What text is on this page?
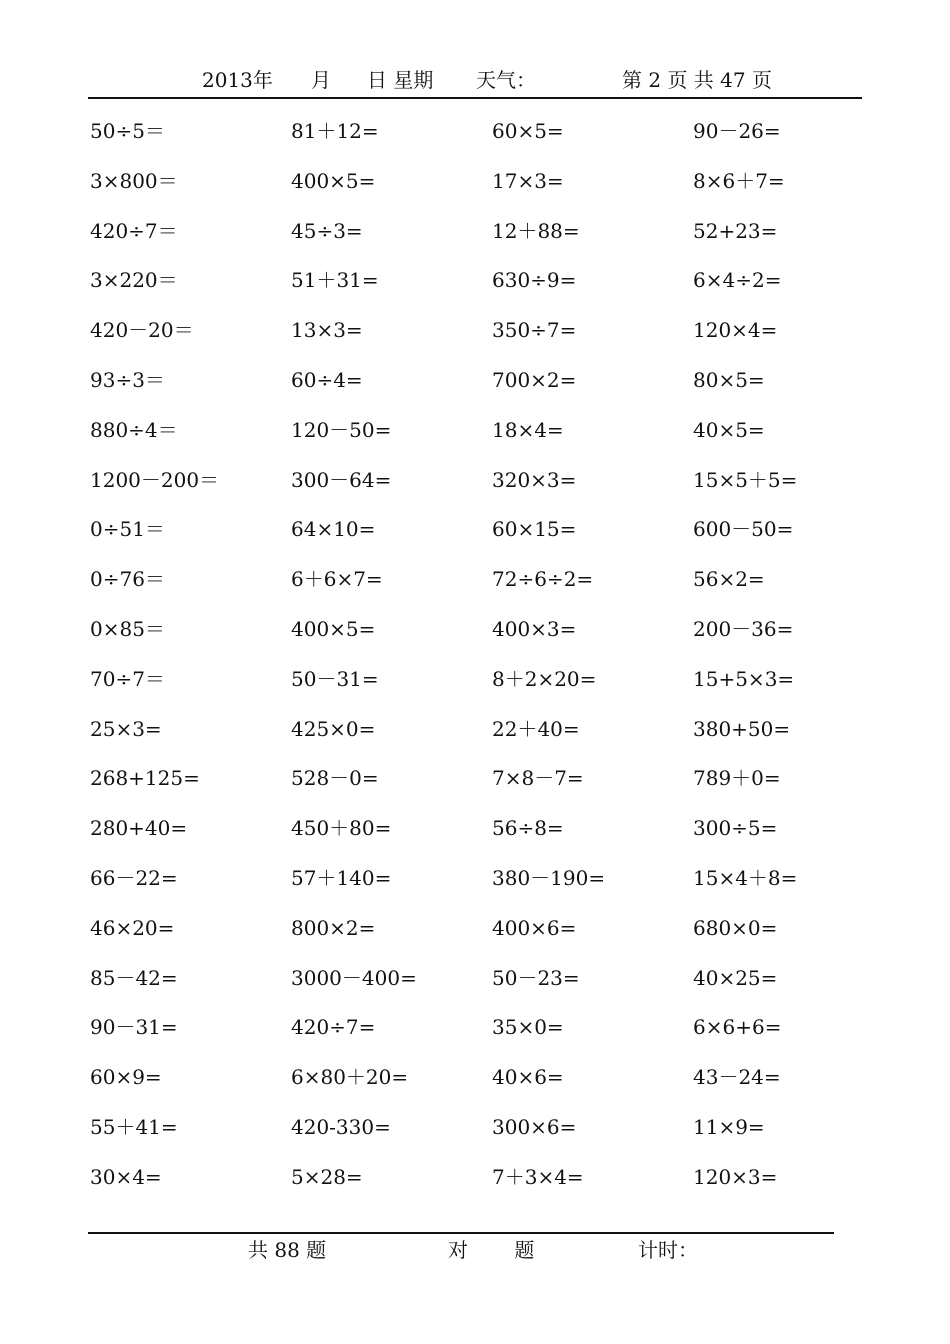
2013年 月 日 星期 天气：	第 2 页 共 47 页
50÷5＝	81＋12=	60×5=	90－26=
3×800＝	400×5=	17×3=	8×6＋7=
420÷7＝	45÷3=	12＋88=	52+23=
3×220＝	51＋31=	630÷9=	6×4÷2=
420－20＝	13×3=	350÷7=	120×4=
93÷3＝	60÷4=	700×2=	80×5=
880÷4＝	120－50=	18×4=	40×5=
1200－200＝	300－64=	320×3=	15×5＋5=
0÷51＝	64×10=	60×15=	600－50=
0÷76＝	6＋6×7=	72÷6÷2=	56×2=
0×85＝	400×5=	400×3=	200－36=
70÷7＝	50－31=	8＋2×20=	15+5×3=
25×3=	425×0=	22＋40=	380+50=
268+125=	528－0=	7×8－7=	789＋0=
280+40=	450＋80=	56÷8=	300÷5=
66－22=	57＋140=	380－190=	15×4＋8=
46×20=	800×2=	400×6=	680×0=
85－42=	3000－400=	50－23=	40×25=
90－31=	420÷7=	35×0=	6×6+6=
60×9=	6×80＋20=	40×6=	43－24=
55＋41=	420-330=	300×6=	11×9=
30×4=	5×28=	7＋3×4=	120×3=
共 88 题	对 题	计时：
